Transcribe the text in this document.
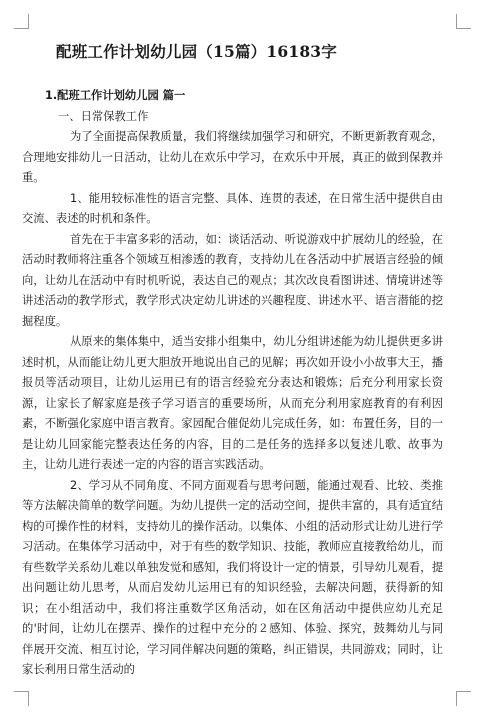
配班工作计划幼儿园（15篇）16183字

1.配班工作计划幼儿园 篇一

一、日常保教工作

为了全面提高保教质量，我们将继续加强学习和研究，不断更新教育观念，合理地安排幼儿一日活动，让幼儿在欢乐中学习，在欢乐中开展，真正的做到保教并重。

1、能用较标准性的语言完整、具体、连贯的表述，在日常生活中提供自由交流、表述的时机和条件。

首先在于丰富多彩的活动，如：谈话活动、听说游戏中扩展幼儿的经验，在活动时教师将注重各个领域互相渗透的教育，支持幼儿在各活动中扩展语言经验的倾向，让幼儿在活动中有时机听说，表达自己的观点；其次改良看图讲述、情境讲述等讲述活动的教学形式，教学形式决定幼儿讲述的兴趣程度、讲述水平、语言潜能的挖掘程度。

从原来的集体集中，适当安排小组集中，幼儿分组讲述能为幼儿提供更多讲述时机，从而能让幼儿更大胆放开地说出自己的见解；再次如开设小小故事大王，播报员等活动项目，让幼儿运用已有的语言经验充分表达和锻炼；后充分利用家长资源，让家长了解家庭是孩子学习语言的重要场所，从而充分利用家庭教育的有利因素，不断强化家庭中语言教育。家园配合催促幼儿完成任务，如：布置任务，目的一是让幼儿回家能完整表达任务的内容，目的二是任务的选择多以复述儿歌、故事为主，让幼儿进行表述一定的内容的语言实践活动。

2、学习从不同角度、不同方面观看与思考问题，能通过观看、比较、类推等方法解决简单的数学问题。为幼儿提供一定的活动空间，提供丰富的，具有适宜结构的可操作性的材料，支持幼儿的操作活动。以集体、小组的活动形式让幼儿进行学习活动。在集体学习活动中，对于有些的数学知识、技能，教师应直接教给幼儿，而有些数学关系幼儿难以单独发觉和感知，我们将设计一定的情景，引导幼儿观看，提出问题让幼儿思考，从而启发幼儿运用已有的知识经验，去解决问题，获得新的知识；在小组活动中，我们将注重数学区角活动，如在区角活动中提供应幼儿充足的'时间，让幼儿在摆弄、操作的过程中充分的２感知、体验、探究，鼓舞幼儿与同伴展开交流、相互讨论，学习同伴解决问题的策略，纠正错误，共同游戏；同时，让家长利用日常生活动的
